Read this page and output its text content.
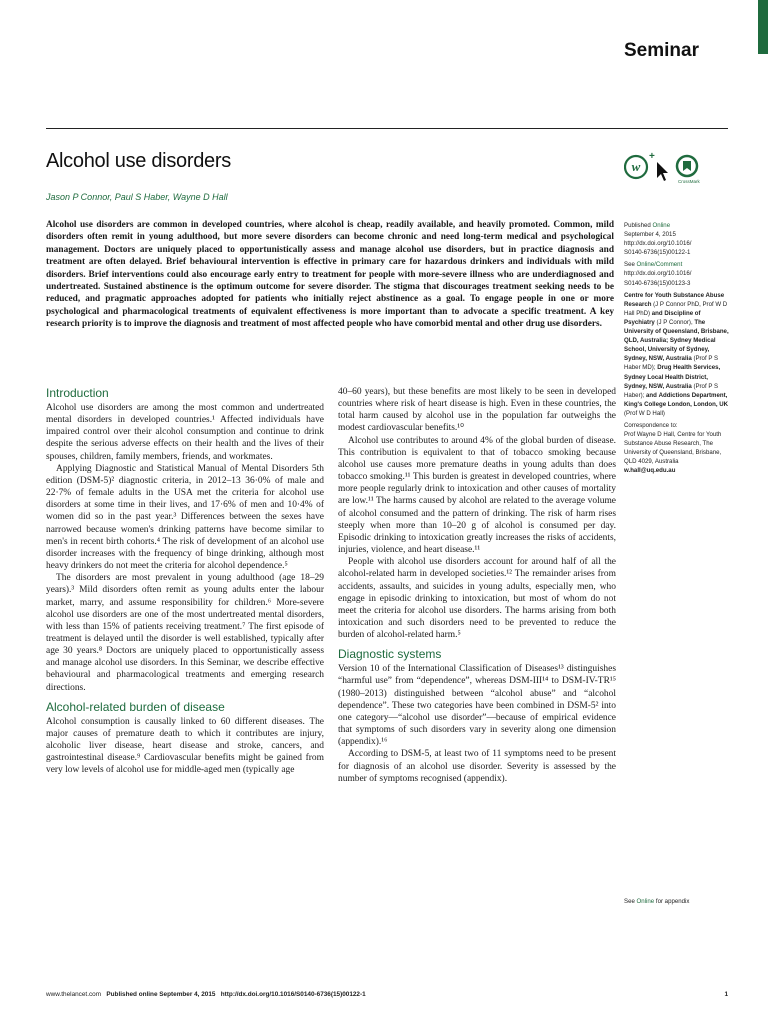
Seminar
Alcohol use disorders
Jason P Connor, Paul S Haber, Wayne D Hall
w
+
CrossMark

Alcohol use disorders are common in developed countries, where alcohol is cheap, readily available, and heavily promoted. Common, mild disorders often remit in young adulthood, but more severe disorders can become chronic and need long-term medical and psychological management. Doctors are uniquely placed to opportunistically assess and manage alcohol use disorders, but in practice diagnosis and treatment are often delayed. Brief behavioural intervention is effective in primary care for hazardous drinkers and individuals with mild disorders. Brief interventions could also encourage early entry to treatment for people with more-severe illness who are underdiagnosed and undertreated. Sustained abstinence is the optimum outcome for severe disorder. The stigma that discourages treatment seeking needs to be reduced, and pragmatic approaches adopted for patients who initially reject abstinence as a goal. To engage people in one or more psychological and pharmacological treatments of equivalent effectiveness is more important than to advocate a specific treatment. A key research priority is to improve the diagnosis and treatment of most affected people who have comorbid mental and other drug use disorders.

Published Online
September 4, 2015
http://dx.doi.org/10.1016/
S0140-6736(15)00122-1

See Online/Comment
http://dx.doi.org/10.1016/
S0140-6736(15)00123-3

Centre for Youth Substance Abuse Research (J P Connor PhD, Prof W D Hall PhD) and Discipline of Psychiatry (J P Connor), The University of Queensland, Brisbane, QLD, Australia; Sydney Medical School, University of Sydney, Sydney, NSW, Australia (Prof P S Haber MD); Drug Health Services, Sydney Local Health District, Sydney, NSW, Australia (Prof P S Haber); and Addictions Department, King's College London, London, UK (Prof W D Hall)

Correspondence to:
Prof Wayne D Hall, Centre for Youth Substance Abuse Research, The University of Queensland, Brisbane, QLD 4029, Australia
w.hall@uq.edu.au

Introduction

Alcohol use disorders are among the most common and undertreated mental disorders in developed countries.¹ Affected individuals have impaired control over their alcohol consumption and continue to drink despite the serious adverse effects on their health and the lives of their spouses, children, family members, friends, and workmates.

Applying Diagnostic and Statistical Manual of Mental Disorders 5th edition (DSM-5)² diagnostic criteria, in 2012–13 36·0% of male and 22·7% of female adults in the USA met the criteria for alcohol use disorders at some time in their lives, and 17·6% of men and 10·4% of women did so in the past year.³ Differences between the sexes have narrowed because women's drinking patterns have become similar to men's in recent birth cohorts.⁴ The risk of development of an alcohol use disorder increases with the frequency of binge drinking, although most heavy drinkers do not meet the criteria for alcohol dependence.⁵

The disorders are most prevalent in young adulthood (age 18–29 years).³ Mild disorders often remit as young adults enter the labour market, marry, and assume responsibility for children.⁶ More-severe alcohol use disorders are one of the most undertreated mental disorders, with less than 15% of patients receiving treatment.⁷ The first episode of treatment is delayed until the disorder is well established, typically after age 30 years.⁸ Doctors are uniquely placed to opportunistically assess and manage alcohol use disorders. In this Seminar, we describe effective behavioural and pharmacological treatments and emerging research directions.

Alcohol-related burden of disease

Alcohol consumption is causally linked to 60 different diseases. The major causes of premature death to which it contributes are injury, alcoholic liver disease, heart disease and stroke, cancers, and gastrointestinal disease.⁹ Cardiovascular benefits might be gained from very low levels of alcohol use for middle-aged men (typically age

40–60 years), but these benefits are most likely to be seen in developed countries where risk of heart disease is high. Even in these countries, the total harm caused by alcohol use in the population far outweighs the modest cardiovascular benefits.¹⁰

Alcohol use contributes to around 4% of the global burden of disease. This contribution is equivalent to that of tobacco smoking because alcohol use causes more premature deaths in young adults than does tobacco smoking.¹¹ This burden is greatest in developed countries, where more people regularly drink to intoxication and other causes of mortality are low.¹¹ The harms caused by alcohol are related to the average volume of alcohol consumed and the pattern of drinking. The risk of harm rises steeply when more than 10–20 g of alcohol is consumed per day. Episodic drinking to intoxication greatly increases the risks of accidents, injuries, violence, and heart disease.¹¹

People with alcohol use disorders account for around half of all the alcohol-related harm in developed societies.¹² The remainder arises from accidents, assaults, and suicides in young adults, especially men, who engage in episodic drinking to intoxication, but most of whom do not meet the criteria for alcohol use disorders. The harms arising from both intoxication and such disorders need to be prevented to reduce the burden of alcohol-related harm.⁵

Diagnostic systems

Version 10 of the International Classification of Diseases¹³ distinguishes “harmful use” from “dependence”, whereas DSM-III¹⁴ to DSM-IV-TR¹⁵ (1980–2013) distinguished between “alcohol abuse” and “alcohol dependence”. These two categories have been combined in DSM-5² into one category—“alcohol use disorder”—because of empirical evidence that symptoms of such disorders vary in severity along one dimension (appendix).¹⁶

According to DSM-5, at least two of 11 symptoms need to be present for diagnosis of an alcohol use disorder. Severity is assessed by the number of symptoms recognised (appendix).

See Online for appendix
www.thelancet.com Published online September 4, 2015 http://dx.doi.org/10.1016/S0140-6736(15)00122-1	1
